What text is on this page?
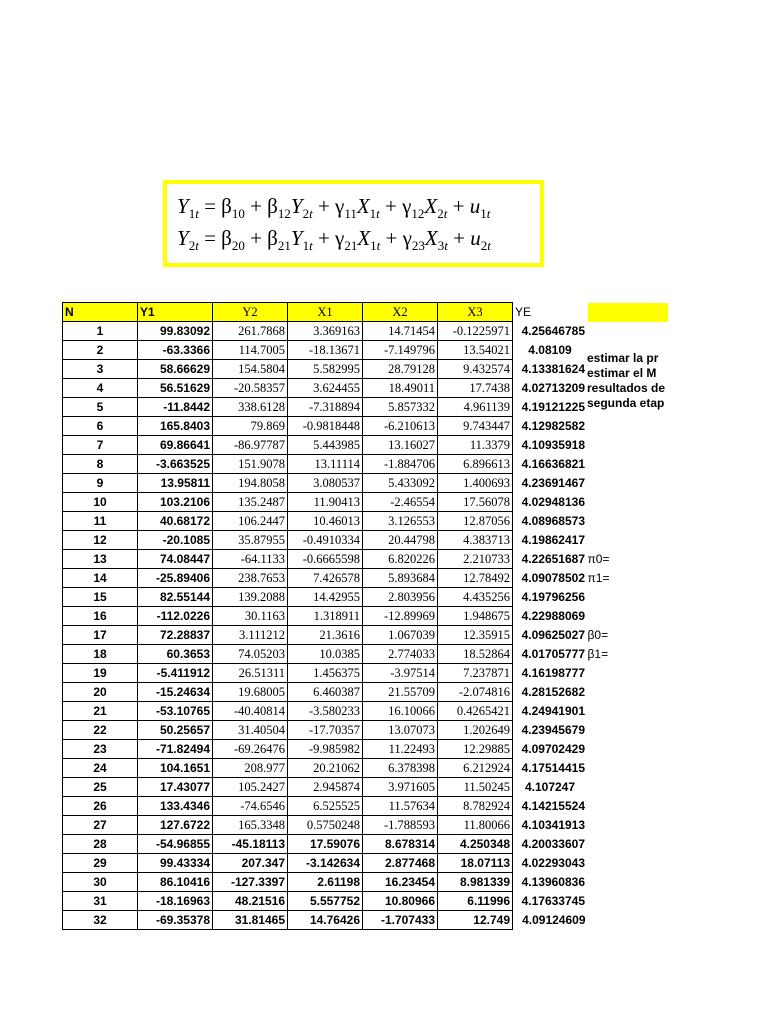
$Y_{1t} = \beta_{10} + \beta_{12}Y_{2t} + \gamma_{11}X_{1t} + \gamma_{12}X_{2t} + u_{1t}$
$Y_{2t} = \beta_{20} + \beta_{21}Y_{1t} + \gamma_{21}X_{1t} + \gamma_{23}X_{3t} + u_{2t}$
N	Y1	Y2	X1	X2	X3	YE	
1	99.83092	261.7868	3.369163	14.71454	-0.1225971	4.25646785	
2	-63.3366	114.7005	-18.13671	-7.149796	13.54021	4.08109	
3	58.66629	154.5804	5.582995	28.79128	9.432574	4.13381624	
4	56.51629	-20.58357	3.624455	18.49011	17.7438	4.02713209	
5	-11.8442	338.6128	-7.318894	5.857332	4.961139	4.19121225	
6	165.8403	79.869	-0.9818448	-6.210613	9.743447	4.12982582	
7	69.86641	-86.97787	5.443985	13.16027	11.3379	4.10935918	
8	-3.663525	151.9078	13.11114	-1.884706	6.896613	4.16636821	
9	13.95811	194.8058	3.080537	5.433092	1.400693	4.23691467	
10	103.2106	135.2487	11.90413	-2.46554	17.56078	4.02948136	
11	40.68172	106.2447	10.46013	3.126553	12.87056	4.08968573	
12	-20.1085	35.87955	-0.4910334	20.44798	4.383713	4.19862417	
13	74.08447	-64.1133	-0.6665598	6.820226	2.210733	4.22651687	π0=
14	-25.89406	238.7653	7.426578	5.893684	12.78492	4.09078502	π1=
15	82.55144	139.2088	14.42955	2.803956	4.435256	4.19796256	
16	-112.0226	30.1163	1.318911	-12.89969	1.948675	4.22988069	
17	72.28837	3.111212	21.3616	1.067039	12.35915	4.09625027	β0=
18	60.3653	74.05203	10.0385	2.774033	18.52864	4.01705777	β1=
19	-5.411912	26.51311	1.456375	-3.97514	7.237871	4.16198777	
20	-15.24634	19.68005	6.460387	21.55709	-2.074816	4.28152682	
21	-53.10765	-40.40814	-3.580233	16.10066	0.4265421	4.24941901	
22	50.25657	31.40504	-17.70357	13.07073	1.202649	4.23945679	
23	-71.82494	-69.26476	-9.985982	11.22493	12.29885	4.09702429	
24	104.1651	208.977	20.21062	6.378398	6.212924	4.17514415	
25	17.43077	105.2427	2.945874	3.971605	11.50245	4.107247	
26	133.4346	-74.6546	6.525525	11.57634	8.782924	4.14215524	
27	127.6722	165.3348	0.5750248	-1.788593	11.80066	4.10341913	
28	-54.96855	-45.18113	17.59076	8.678314	4.250348	4.20033607	
29	99.43334	207.347	-3.142634	2.877468	18.07113	4.02293043	
30	86.10416	-127.3397	2.61198	16.23454	8.981339	4.13960836	
31	-18.16963	48.21516	5.557752	10.80966	6.11996	4.17633745	
32	-69.35378	31.81465	14.76426	-1.707433	12.749	4.09124609	
estimar la pr
estimar el M
resultados de
segunda etap
